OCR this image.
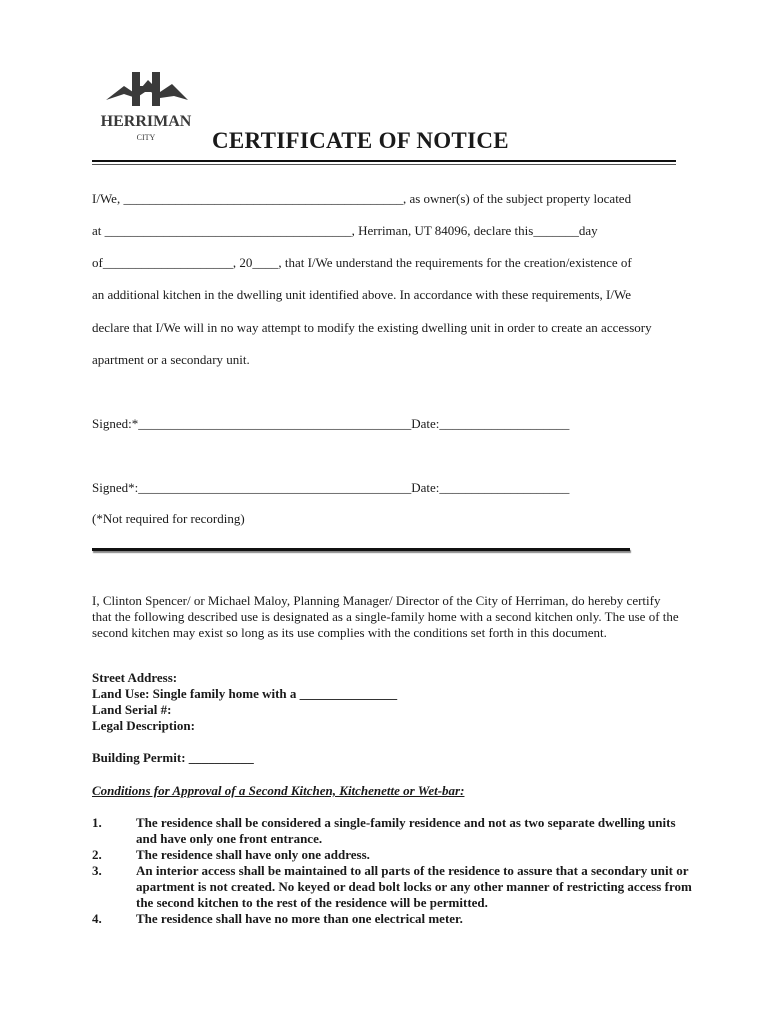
HERRIMAN
CITY CERTIFICATE OF NOTICE
I/We, ___________________________________________, as owner(s) of the subject property located
at ______________________________________, Herriman, UT 84096, declare this_______day
of____________________, 20____, that I/We understand the requirements for the creation/existence of
an additional kitchen in the dwelling unit identified above. In accordance with these requirements, I/We
declare that I/We will in no way attempt to modify the existing dwelling unit in order to create an accessory
apartment or a secondary unit.
Signed:*__________________________________________Date:____________________
Signed*:__________________________________________Date:____________________
(*Not required for recording)
I, Clinton Spencer/ or Michael Maloy, Planning Manager/ Director of the City of Herriman, do hereby certify that the following described use is designated as a single-family home with a second kitchen only. The use of the second kitchen may exist so long as its use complies with the conditions set forth in this document.
Street Address:
Land Use: Single family home with a _______________
Land Serial #:
Legal Description:
Building Permit: __________
Conditions for Approval of a Second Kitchen, Kitchenette or Wet-bar:
1.	The residence shall be considered a single-family residence and not as two separate dwelling units and have only one front entrance.
2.	The residence shall have only one address.
3.	An interior access shall be maintained to all parts of the residence to assure that a secondary unit or apartment is not created. No keyed or dead bolt locks or any other manner of restricting access from the second kitchen to the rest of the residence will be permitted.
4.	The residence shall have no more than one electrical meter.
